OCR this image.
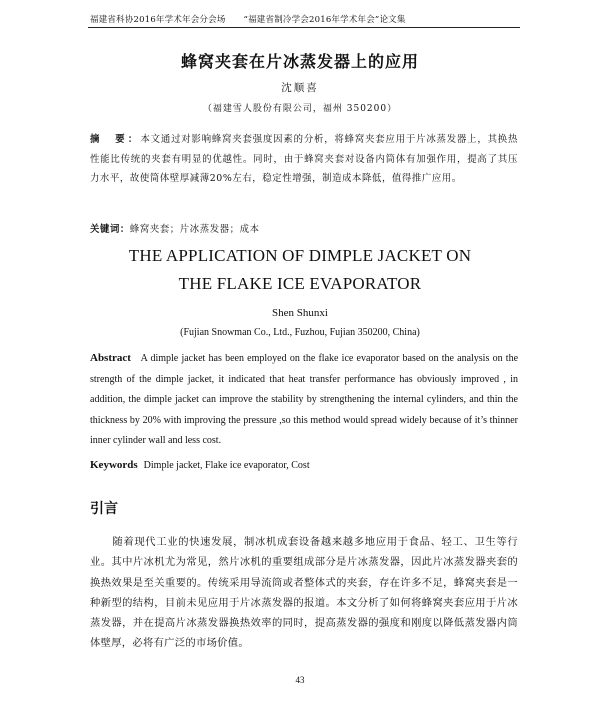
福建省科协2016年学术年会分会场 “福建省制冷学会2016年学术年会”论文集
蜂窝夹套在片冰蒸发器上的应用
沈顺喜
（福建雪人股份有限公司，福州 350200）
摘　要：本文通过对影响蜂窝夹套强度因素的分析，将蜂窝夹套应用于片冰蒸发器上，其换热性能比传统的夹套有明显的优越性。同时，由于蜂窝夹套对设备内筒体有加强作用，提高了其压力水平，故使筒体壁厚减薄20%左右，稳定性增强，制造成本降低，值得推广应用。
关键词：蜂窝夹套；片冰蒸发器；成本
THE APPLICATION OF DIMPLE JACKET ON
THE FLAKE ICE EVAPORATOR
Shen Shunxi
(Fujian Snowman Co., Ltd., Fuzhou, Fujian 350200, China)
Abstract A dimple jacket has been employed on the flake ice evaporator based on the analysis on the strength of the dimple jacket, it indicated that heat transfer performance has obviously improved , in addition, the dimple jacket can improve the stability by strengthening the internal cylinders, and thin the thickness by 20% with improving the pressure ,so this method would spread widely because of it’s thinner inner cylinder wall and less cost.
Keywords Dimple jacket, Flake ice evaporator, Cost
引言
随着现代工业的快速发展，制冰机成套设备越来越多地应用于食品、轻工、卫生等行业。其中片冰机尤为常见，然片冰机的重要组成部分是片冰蒸发器，因此片冰蒸发器夹套的换热效果是至关重要的。传统采用导流筒或者整体式的夹套，存在许多不足，蜂窝夹套是一种新型的结构，目前未见应用于片冰蒸发器的报道。本文分析了如何将蜂窝夹套应用于片冰蒸发器，并在提高片冰蒸发器换热效率的同时，提高蒸发器的强度和刚度以降低蒸发器内筒体壁厚，必将有广泛的市场价值。
43
